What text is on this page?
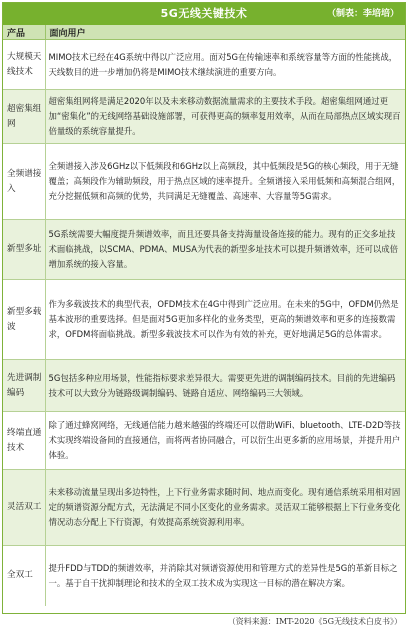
5G无线关键技术	（制表：李培培）
产品	面向用户
大规模天线技术	MIMO技术已经在4G系统中得以广泛应用。面对5G在传输速率和系统容量等方面的性能挑战，天线数目的进一步增加仍将是MIMO技术继续演进的重要方向。
超密集组网	超密集组网将是满足2020年以及未来移动数据流量需求的主要技术手段。超密集组网通过更加“密集化”的无线网络基础设施部署，可获得更高的频率复用效率，从而在局部热点区域实现百倍量级的系统容量提升。
全频谱接入	全频谱接入涉及6GHz以下低频段和6GHz以上高频段，其中低频段是5G的核心频段，用于无缝覆盖；高频段作为辅助频段，用于热点区域的速率提升。全频谱接入采用低频和高频混合组网，充分挖掘低频和高频的优势，共同满足无缝覆盖、高速率、大容量等5G需求。
新型多址	5G系统需要大幅度提升频谱效率，而且还要具备支持海量设备连接的能力。现有的正交多址技术面临挑战，以SCMA、PDMA、MUSA为代表的新型多址技术可以提升频谱效率，还可以成倍增加系统的接入容量。
新型多载波	作为多载波技术的典型代表，OFDM技术在4G中得到广泛应用。在未来的5G中，OFDM仍然是基本波形的重要选择。但是面对5G更加多样化的业务类型，更高的频谱效率和更多的连接数需求，OFDM将面临挑战。新型多载波技术可以作为有效的补充，更好地满足5G的总体需求。
先进调制编码	5G包括多种应用场景，性能指标要求差异很大。需要更先进的调制编码技术。目前的先进编码技术可以大致分为链路级调制编码、链路自适应、网络编码三大领域。
终端直通技术	除了通过蜂窝网络，无线通信能力越来越强的终端还可以借助WiFi、bluetooth、LTE-D2D等技术实现终端设备间的直接通信，而将两者协同融合，可以衍生出更多新的应用场景，并提升用户体验。
灵活双工	未来移动流量呈现出多边特性，上下行业务需求随时间、地点而变化。现有通信系统采用相对固定的频谱资源分配方式，无法满足不同小区变化的业务需求。灵活双工能够根据上下行业务变化情况动态分配上下行资源，有效提高系统资源利用率。
全双工	提升FDD与TDD的频谱效率，并消除其对频谱资源使用和管理方式的差异性是5G的革新目标之一。基于自干扰抑制理论和技术的全双工技术成为实现这一目标的潜在解决方案。
（资料来源：IMT-2020《5G无线技术白皮书》）
